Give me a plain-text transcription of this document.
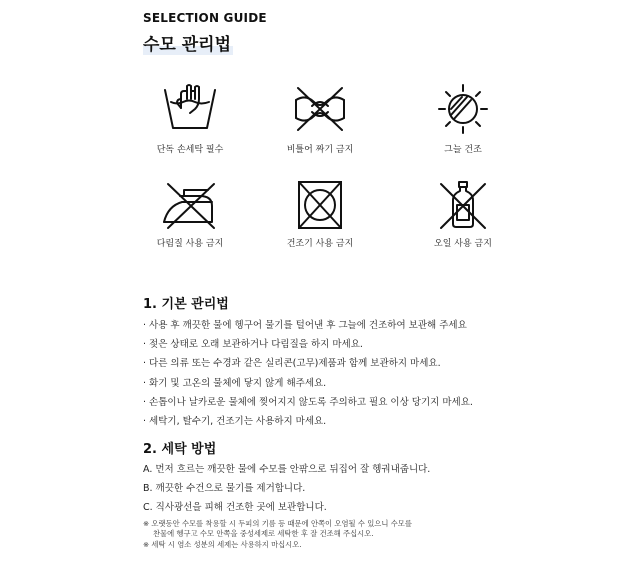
SELECTION GUIDE
수모 관리법
단독 손세탁 필수	비틀어 짜기 금지	그늘 건조
다림질 사용 금지	건조기 사용 금지	오일 사용 금지
1. 기본 관리법
· 사용 후 깨끗한 물에 헹구어 물기를 털어낸 후 그늘에 건조하여 보관해 주세요
· 젖은 상태로 오래 보관하거나 다림질을 하지 마세요.
· 다른 의류 또는 수경과 같은 실리콘(고무)제품과 함께 보관하지 마세요.
· 화기 및 고온의 물체에 닿지 않게 해주세요.
· 손톱이나 날카로운 물체에 찢어지지 않도록 주의하고 필요 이상 당기지 마세요.
· 세탁기, 탈수기, 건조기는 사용하지 마세요.
2. 세탁 방법
A. 먼저 흐르는 깨끗한 물에 수모를 안팎으로 뒤집어 잘 헹궈내줍니다.
B. 깨끗한 수건으로 물기를 제거합니다.
C. 직사광선을 피해 건조한 곳에 보관합니다.
※ 오랫동안 수모를 착용할 시 두피의 기름 등 때문에 안쪽이 오염될 수 있으니 수모를
찬물에 헹구고 수모 안쪽을 중성세제로 세탁한 후 잘 건조해 주십시오.
※ 세탁 시 염소 성분의 세제는 사용하지 마십시오.
